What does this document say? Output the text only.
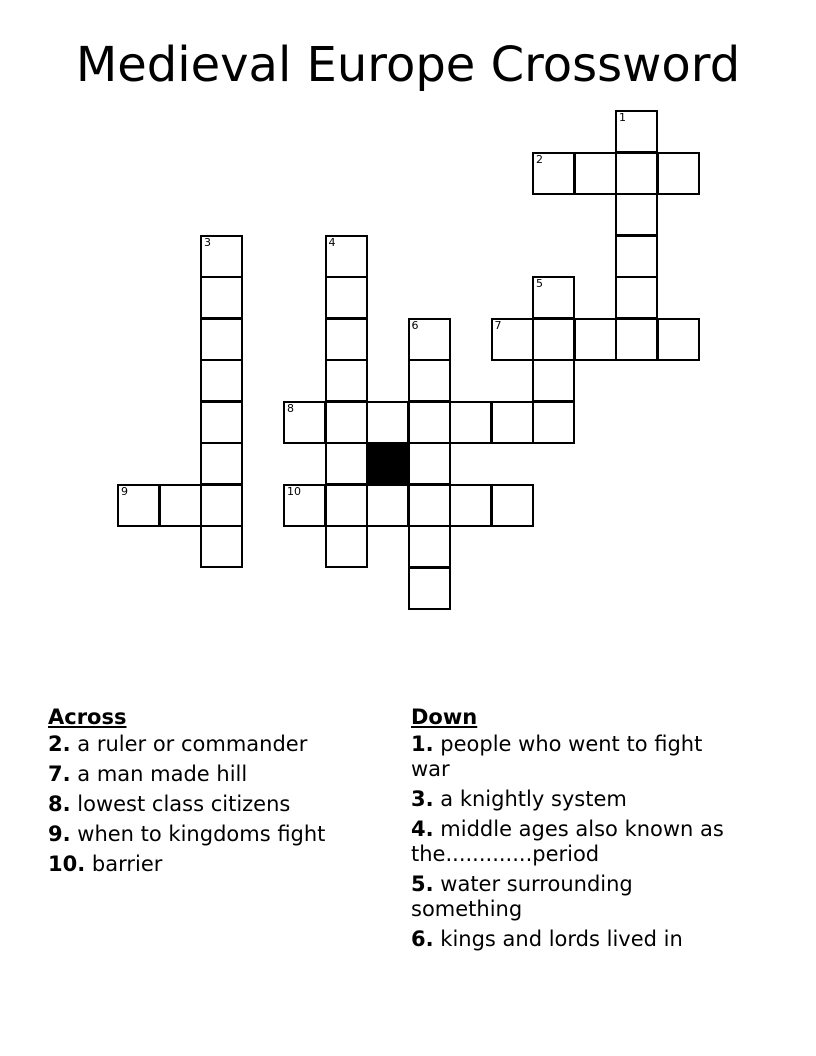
Medieval Europe Crossword
1
2
3	4
5
6	7
8
9	10
Across
2. a ruler or commander
7. a man made hill
8. lowest class citizens
9. when to kingdoms fight
10. barrier
Down
1. people who went to fight war
3. a knightly system
4. middle ages also known as the.............period
5. water surrounding something
6. kings and lords lived in
